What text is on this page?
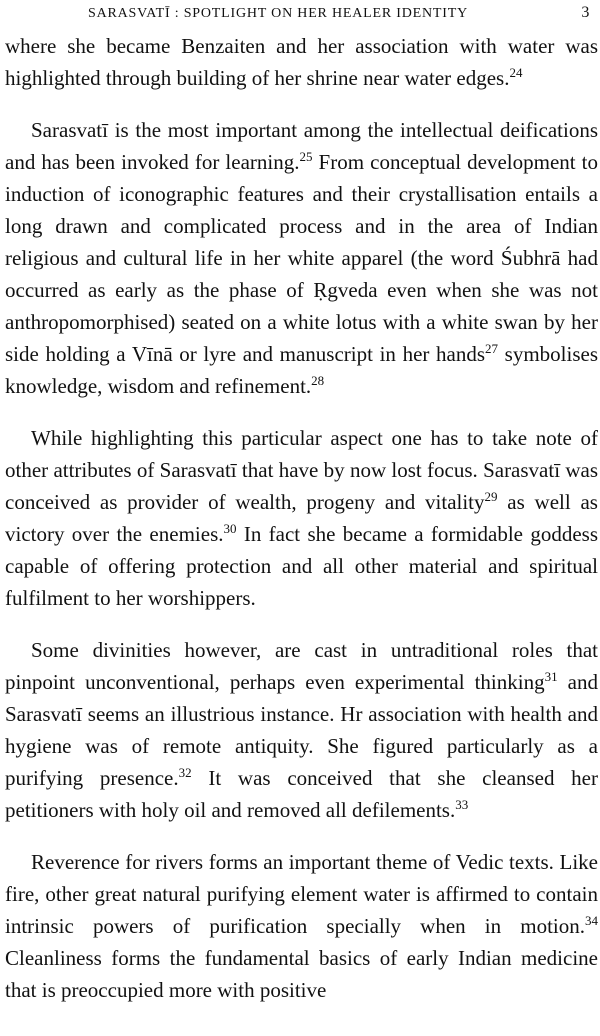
SARASVATĪ : SPOTLIGHT ON HER HEALER IDENTITY	3

where she became Benzaiten and her association with water was highlighted through building of her shrine near water edges.$^{24}$

Sarasvatī is the most important among the intellectual deifications and has been invoked for learning.$^{25}$ From conceptual development to induction of iconographic features and their crystallisation entails a long drawn and complicated process and in the area of Indian religious and cultural life in her white apparel (the word Śubhrā had occurred as early as the phase of Ṛgveda even when she was not anthropomorphised) seated on a white lotus with a white swan by her side holding a Vīnā or lyre and manuscript in her hands$^{27}$ symbolises knowledge, wisdom and refinement.$^{28}$

While highlighting this particular aspect one has to take note of other attributes of Sarasvatī that have by now lost focus. Sarasvatī was conceived as provider of wealth, progeny and vitality$^{29}$ as well as victory over the enemies.$^{30}$ In fact she became a formidable goddess capable of offering protection and all other material and spiritual fulfilment to her worshippers.

Some divinities however, are cast in untraditional roles that pinpoint unconventional, perhaps even experimental thinking$^{31}$ and Sarasvatī seems an illustrious instance. Hr association with health and hygiene was of remote antiquity. She figured particularly as a purifying presence.$^{32}$ It was conceived that she cleansed her petitioners with holy oil and removed all defilements.$^{33}$

Reverence for rivers forms an important theme of Vedic texts. Like fire, other great natural purifying element water is affirmed to contain intrinsic powers of purification specially when in motion.$^{34}$ Cleanliness forms the fundamental basics of early Indian medicine that is preoccupied more with positive
